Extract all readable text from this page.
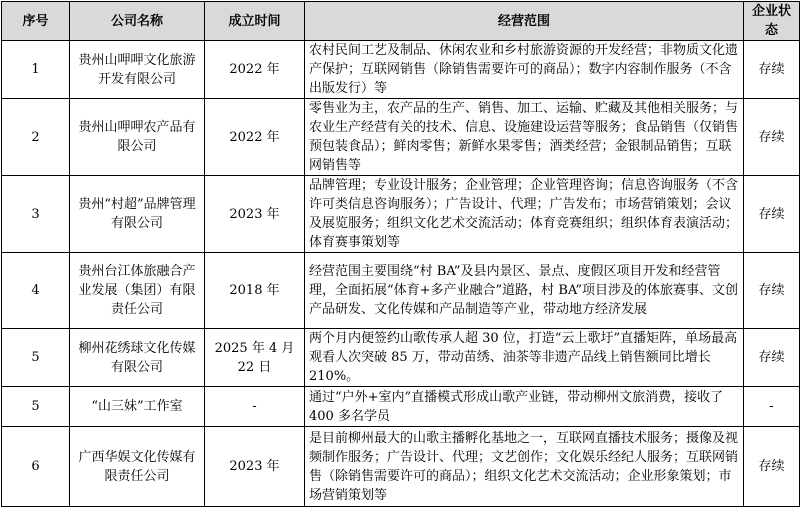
序号	公司名称	成立时间	经营范围	企业状态
1	贵州山呷呷文化旅游开发有限公司	2022 年	农村民间工艺及制品、休闲农业和乡村旅游资源的开发经营；非物质文化遗产保护；互联网销售（除销售需要许可的商品）；数字内容制作服务（不含出版发行）等	存续
2	贵州山呷呷农产品有限公司	2022 年	零售业为主，农产品的生产、销售、加工、运输、贮藏及其他相关服务；与农业生产经营有关的技术、信息、设施建设运营等服务；食品销售（仅销售预包装食品）；鲜肉零售；新鲜水果零售；酒类经营；金银制品销售；互联网销售等	存续
3	贵州“村超”品牌管理有限公司	2023 年	品牌管理；专业设计服务；企业管理；企业管理咨询；信息咨询服务（不含许可类信息咨询服务）；广告设计、代理；广告发布；市场营销策划；会议及展览服务；组织文化艺术交流活动；体育竞赛组织；组织体育表演活动；体育赛事策划等	存续
4	贵州台江体旅融合产业发展（集团）有限责任公司	2018 年	经营范围主要围绕“村 BA”及县内景区、景点、度假区项目开发和经营管理，全面拓展“体育+多产业融合”道路，村 BA”项目涉及的体旅赛事、文创产品研发、文化传媒和产品制造等产业，带动地方经济发展	存续
5	柳州花绣球文化传媒有限公司	2025 年 4 月 22 日	两个月内便签约山歌传承人超 30 位，打造“云上歌圩”直播矩阵，单场最高观看人次突破 85 万，带动苗绣、油茶等非遗产品线上销售额同比增长 210%。	存续
5	“山三妹”工作室	-	通过“户外+室内”直播模式形成山歌产业链，带动柳州文旅消费，接收了 400 多名学员	-
6	广西华娱文化传媒有限责任公司	2023 年	是目前柳州最大的山歌主播孵化基地之一，互联网直播技术服务；摄像及视频制作服务；广告设计、代理；文艺创作；文化娱乐经纪人服务；互联网销售（除销售需要许可的商品）；组织文化艺术交流活动；企业形象策划；市场营销策划等	存续
